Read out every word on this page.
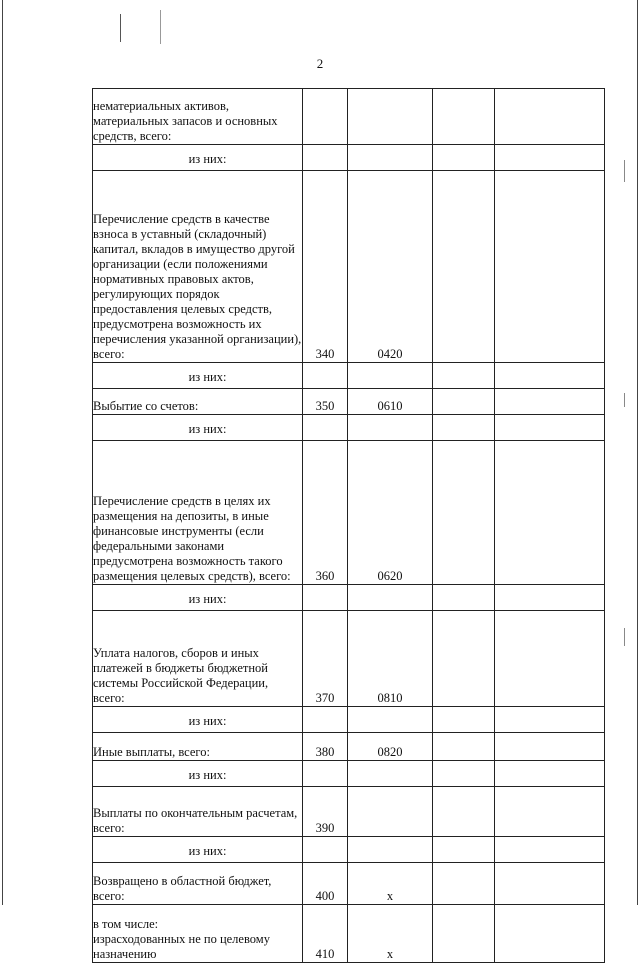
2
нематериальных активов, материальных запасов и основных средств, всего:				
из них:				
Перечисление средств в качестве взноса в уставный (складочный) капитал, вкладов в имущество другой организации (если положениями нормативных правовых актов, регулирующих порядок предоставления целевых средств, предусмотрена возможность их перечисления указанной организации), всего:	340	0420		
из них:				
Выбытие со счетов:	350	0610		
из них:				
Перечисление средств в целях их размещения на депозиты, в иные финансовые инструменты (если федеральными законами предусмотрена возможность такого размещения целевых средств), всего:	360	0620		
из них:				
Уплата налогов, сборов и иных платежей в бюджеты бюджетной системы Российской Федерации, всего:	370	0810		
из них:				
Иные выплаты, всего:	380	0820		
из них:				
Выплаты по окончательным расчетам, всего:	390			
из них:				
Возвращено в областной бюджет, всего:	400	x		
в том числе:
израсходованных не по целевому назначению	410	x		
